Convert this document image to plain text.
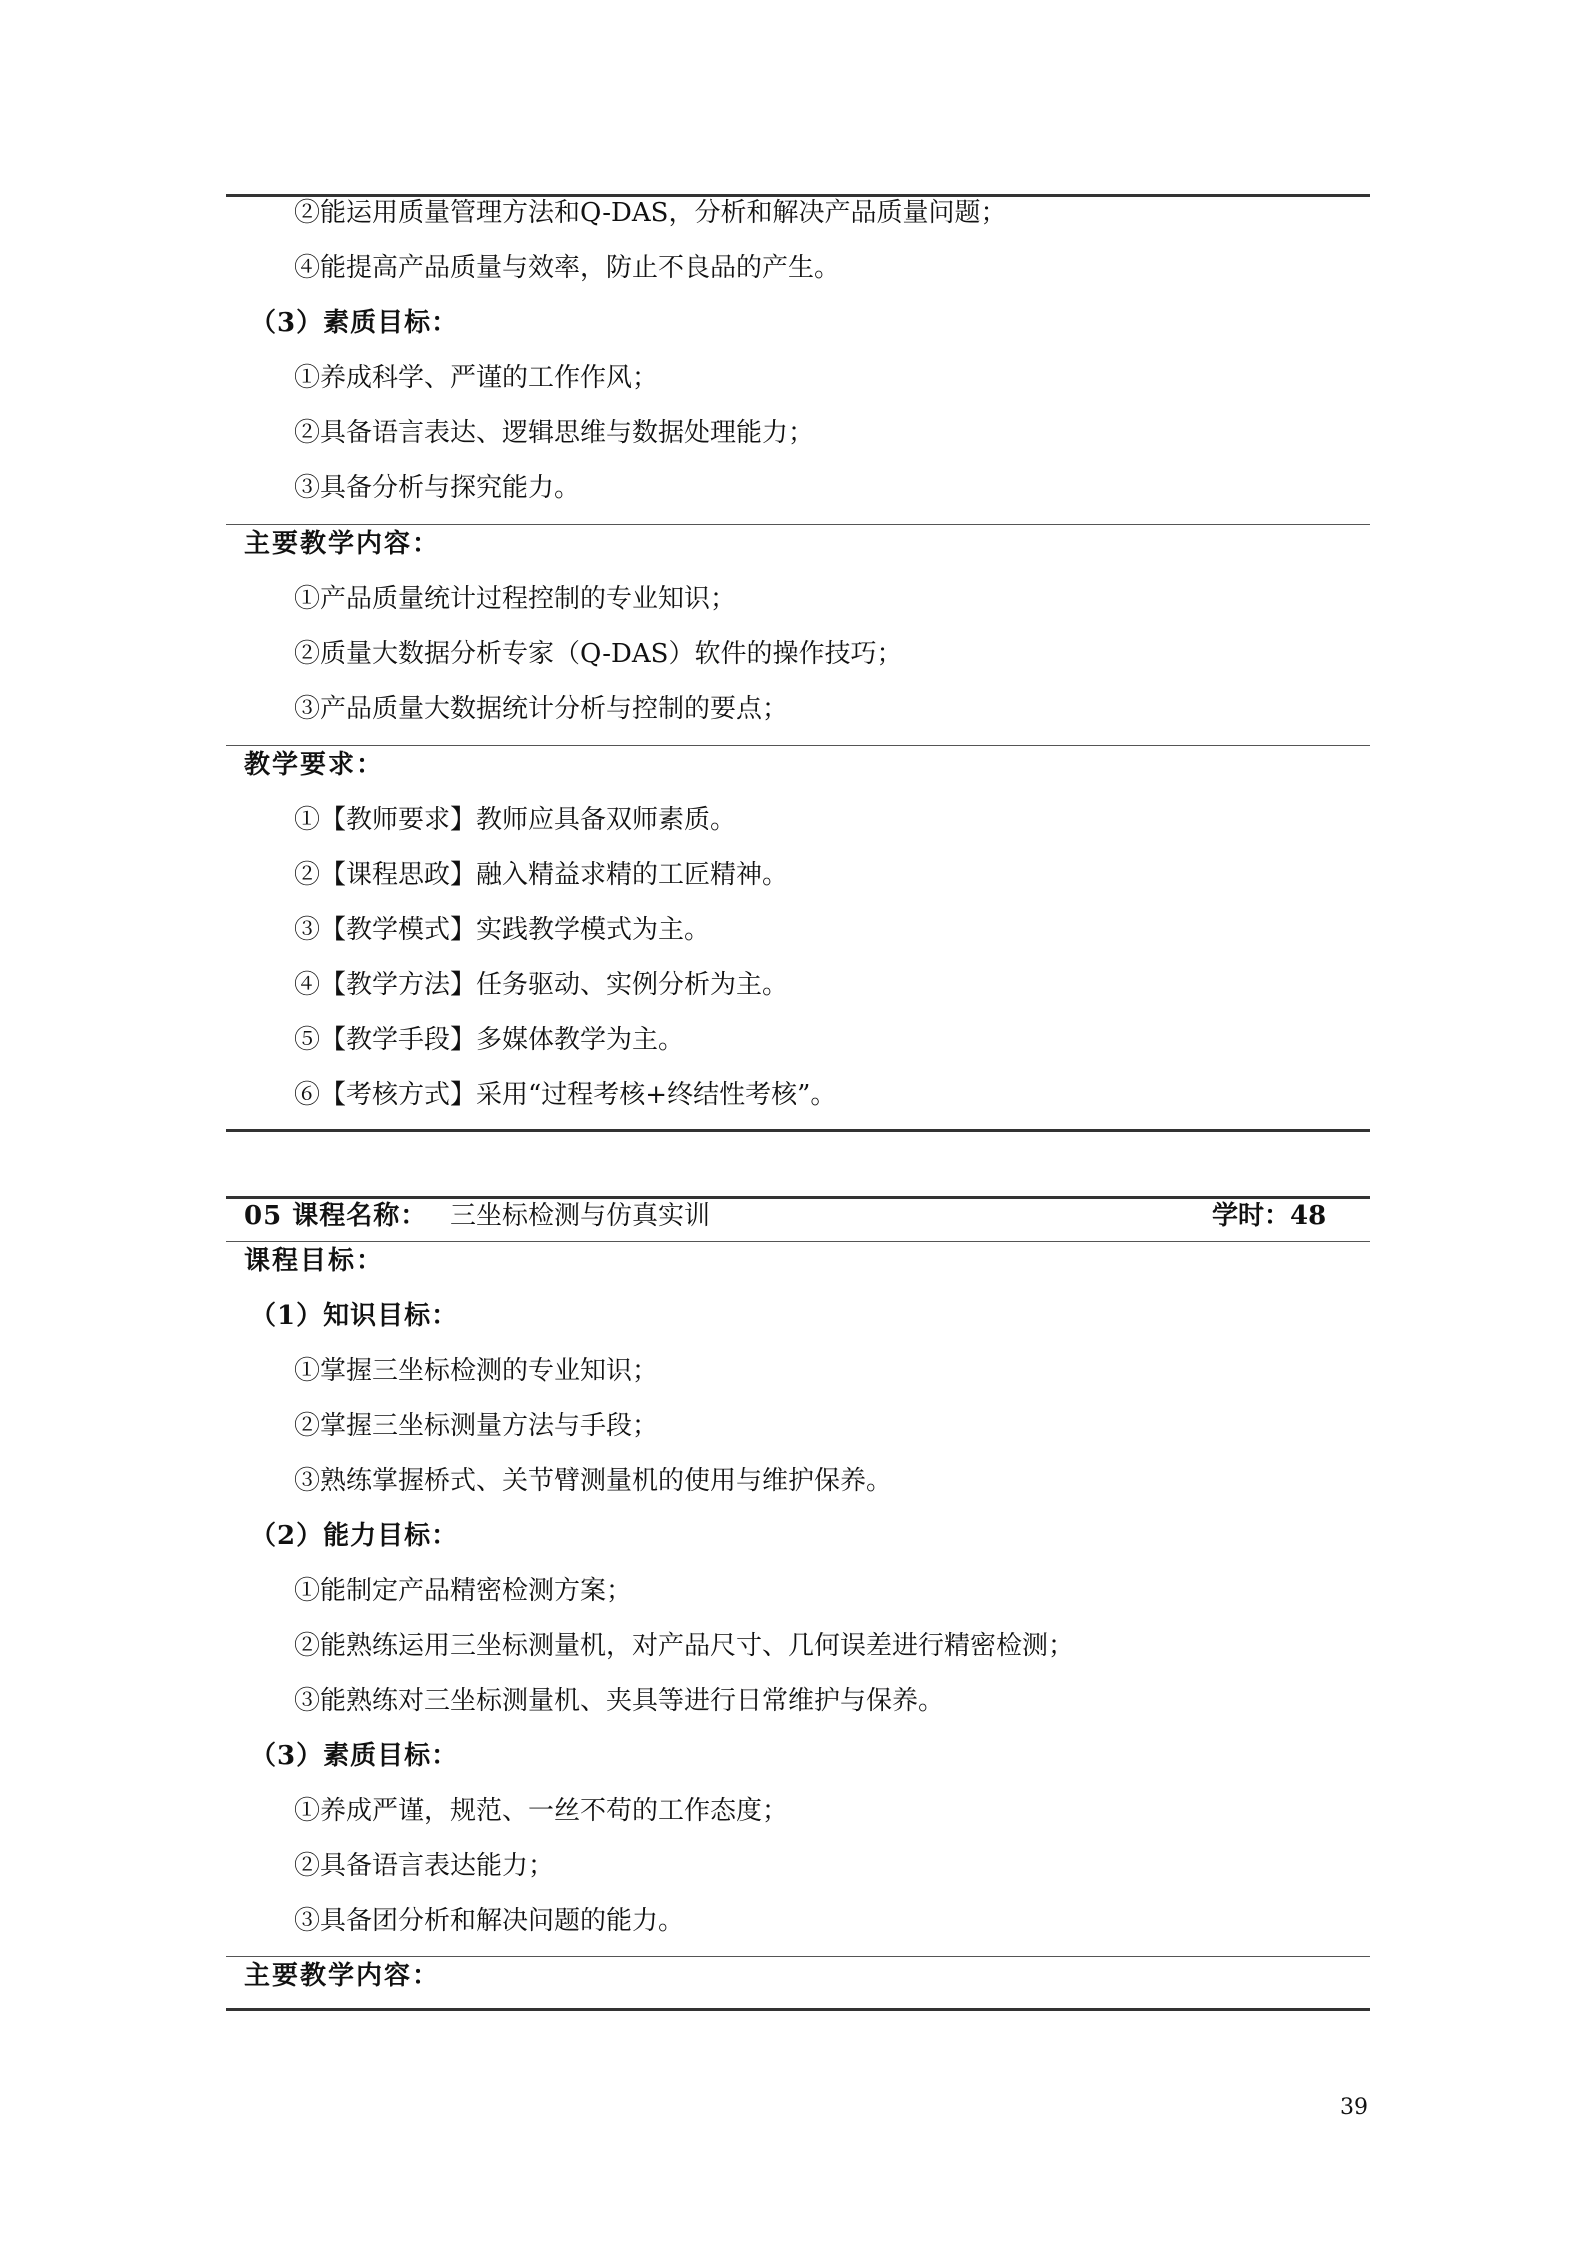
②能运用质量管理方法和Q-DAS，分析和解决产品质量问题；
④能提高产品质量与效率，防止不良品的产生。
（3）素质目标：
①养成科学、严谨的工作作风；
②具备语言表达、逻辑思维与数据处理能力；
③具备分析与探究能力。
主要教学内容：
①产品质量统计过程控制的专业知识；
②质量大数据分析专家（Q-DAS）软件的操作技巧；
③产品质量大数据统计分析与控制的要点；
教学要求：
①【教师要求】教师应具备双师素质。
②【课程思政】融入精益求精的工匠精神。
③【教学模式】实践教学模式为主。
④【教学方法】任务驱动、实例分析为主。
⑤【教学手段】多媒体教学为主。
⑥【考核方式】采用“过程考核+终结性考核”。
05 课程名称： 三坐标检测与仿真实训	学时：48
课程目标：
（1）知识目标：
①掌握三坐标检测的专业知识；
②掌握三坐标测量方法与手段；
③熟练掌握桥式、关节臂测量机的使用与维护保养。
（2）能力目标：
①能制定产品精密检测方案；
②能熟练运用三坐标测量机，对产品尺寸、几何误差进行精密检测；
③能熟练对三坐标测量机、夹具等进行日常维护与保养。
（3）素质目标：
①养成严谨，规范、一丝不苟的工作态度；
②具备语言表达能力；
③具备团分析和解决问题的能力。
主要教学内容：
39
